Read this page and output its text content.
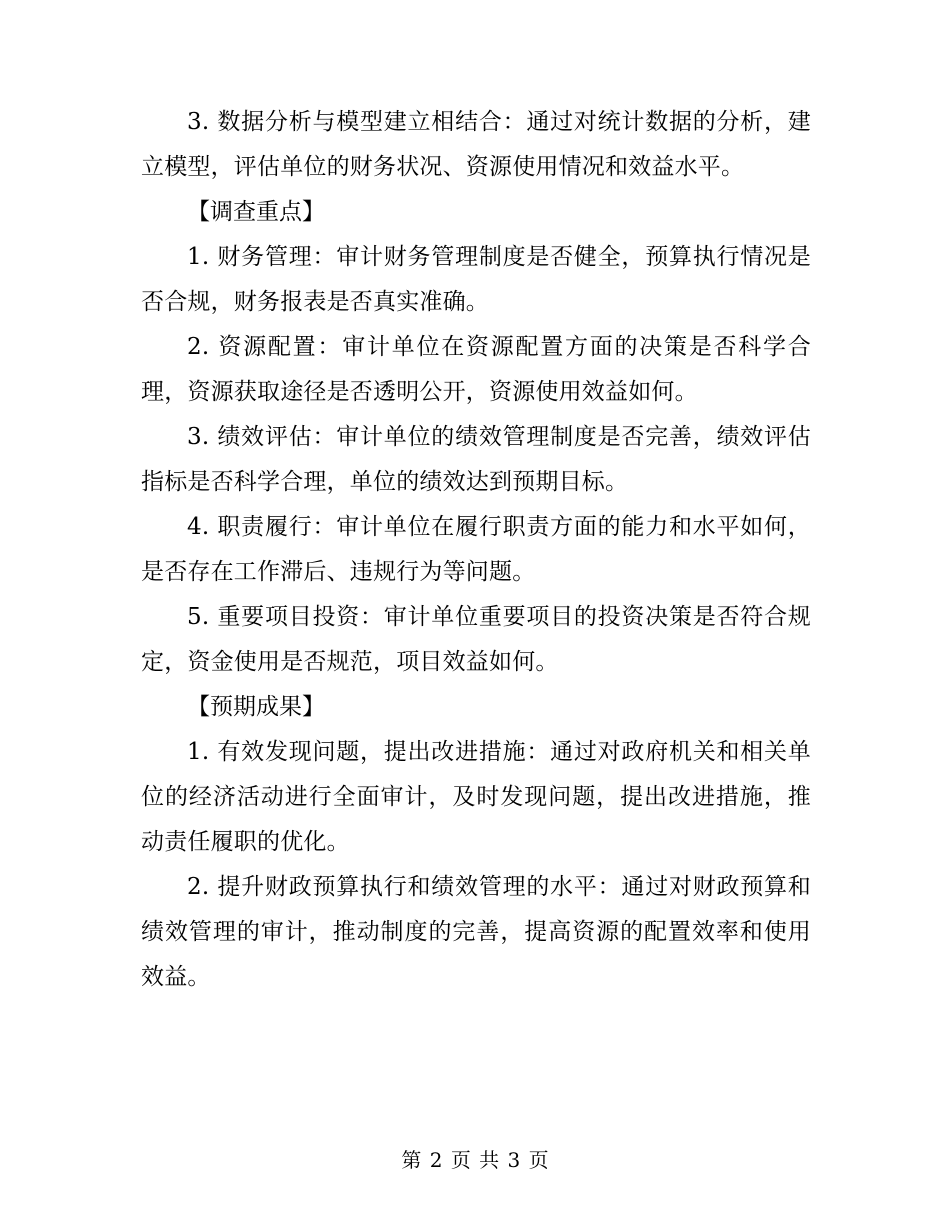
3. 数据分析与模型建立相结合：通过对统计数据的分析，建立模型，评估单位的财务状况、资源使用情况和效益水平。

【调查重点】

1. 财务管理：审计财务管理制度是否健全，预算执行情况是否合规，财务报表是否真实准确。

2. 资源配置：审计单位在资源配置方面的决策是否科学合理，资源获取途径是否透明公开，资源使用效益如何。

3. 绩效评估：审计单位的绩效管理制度是否完善，绩效评估指标是否科学合理，单位的绩效达到预期目标。

4. 职责履行：审计单位在履行职责方面的能力和水平如何，是否存在工作滞后、违规行为等问题。

5. 重要项目投资：审计单位重要项目的投资决策是否符合规定，资金使用是否规范，项目效益如何。

【预期成果】

1. 有效发现问题，提出改进措施：通过对政府机关和相关单位的经济活动进行全面审计，及时发现问题，提出改进措施，推动责任履职的优化。

2. 提升财政预算执行和绩效管理的水平：通过对财政预算和绩效管理的审计，推动制度的完善，提高资源的配置效率和使用效益。

第 2 页 共 3 页
